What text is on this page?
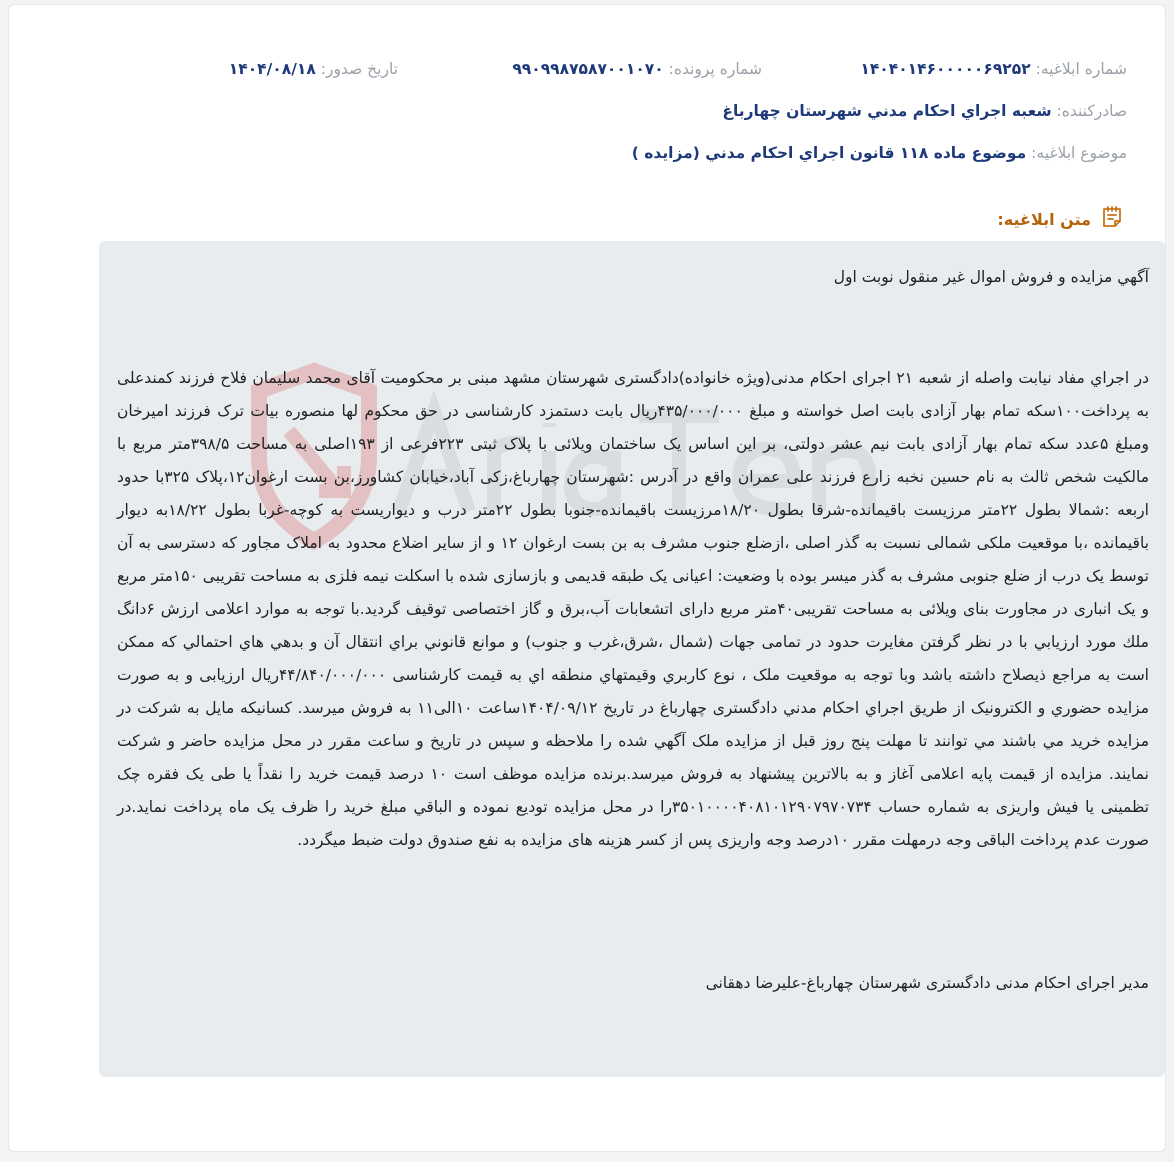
شماره ابلاغیه: ۱۴۰۴۰۱۴۶۰۰۰۰۰۶۹۲۵۲
شماره پرونده: ۹۹۰۹۹۸۷۵۸۷۰۰۱۰۷۰
تاریخ صدور: ۱۴۰۴/۰۸/۱۸
صادرکننده: شعبه اجراي احكام مدني شهرستان چهارباغ
موضوع ابلاغیه: موضوع ماده ۱۱۸ قانون اجراي احكام مدني (مزايده )
متن ابلاغیه:

آگهي مزايده و فروش اموال غير منقول نوبت اول

در اجراي مفاد نيابت واصله از شعبه ۲۱ اجرای احکام مدنی(ویژه خانواده)دادگستری شهرستان مشهد مبنی بر محکومیت آقای محمد سلیمان فلاح فرزند کمندعلی به پرداخت۱۰۰سکه تمام بهار آزادی بابت اصل خواسته و مبلغ ۴۳۵/۰۰۰/۰۰۰ریال بابت دستمزد کارشناسی در حق محکوم لها منصوره بیات ترک فرزند امیرخان ومبلغ ۵عدد سکه تمام بهار آزادی بابت نیم عشر دولتی، بر این اساس یک ساختمان ویلائی با پلاک ثبتی ۲۲۳فرعی از ۱۹۳اصلی به مساحت ۳۹۸/۵متر مربع با مالکیت شخص ثالث به نام حسین نخبه زارع فرزند علی عمران واقع در آدرس :شهرستان چهارباغ،زکی آباد،خیابان کشاورز،بن بست ارغوان۱۲،پلاک ۳۲۵با حدود اربعه :شمالا بطول ۲۲متر مرزیست باقیمانده-شرقا بطول ۱۸/۲۰مرزیست باقیمانده-جنوبا بطول ۲۲متر درب و دیواریست به کوچه-غربا بطول ۱۸/۲۲به دیوار باقیمانده ،با موقعیت ملکی شمالی نسبت به گذر اصلی ،ازضلع جنوب مشرف به بن بست ارغوان ۱۲ و از سایر اضلاع محدود به املاک مجاور که دسترسی به آن توسط یک درب از ضلع جنوبی مشرف به گذر میسر بوده با وضعیت: اعیانی یک طبقه قدیمی و بازسازی شده با اسکلت نیمه فلزی به مساحت تقریبی ۱۵۰متر مربع و یک انباری در مجاورت بنای ویلائی به مساحت تقریبی۴۰متر مربع دارای اتشعابات آب،برق و گاز اختصاصی توقیف گردید.با توجه به موارد اعلامی ارزش ۶دانگ ملك مورد ارزيابي با در نظر گرفتن مغايرت حدود در تمامی جهات (شمال ،شرق،غرب و جنوب) و موانع قانوني براي انتقال آن و بدهي هاي احتمالي كه ممكن است به مراجع ذيصلاح داشته باشد وبا توجه به موقعيت ملک ، نوع كاربري وقيمتهاي منطقه اي به قيمت کارشناسی ۴۴/۸۴۰/۰۰۰/۰۰۰ريال ارزیابی و به صورت مزايده حضوري و الكترونیک از طريق اجراي احكام مدني دادگستری چهارباغ در تاريخ ۱۴۰۴/۰۹/۱۲ساعت ۱۰الی۱۱ به فروش میرسد. كسانيكه مايل به شركت در مزايده خريد مي باشند مي توانند تا مهلت پنج روز قبل از مزايده ملک آگهي شده را ملاحظه و سپس در تاريخ و ساعت مقرر در محل مزايده حاضر و شركت نمايند. مزايده از قيمت پايه اعلامی آغاز و به بالاترين پيشنهاد به فروش ميرسد.برنده مزايده موظف است ۱۰ درصد قيمت خريد را نقداً يا طی یک فقره چک تظمینی یا فیش واریزی به شماره حساب ۳۵۰۱۰۰۰۰۴۰۸۱۰۱۲۹۰۷۹۷۰۷۳۴را در محل مزايده توديع نموده و الباقي مبلغ خريد را ظرف يک ماه پرداخت نمايد.در صورت عدم پرداخت الباقی وجه درمهلت مقرر ۱۰درصد وجه واریزی پس از کسر هزینه های مزایده به نفع صندوق دولت ضبط میگردد.

مدير اجرای احکام مدنی دادگستری شهرستان چهارباغ-علیرضا دهقانی
